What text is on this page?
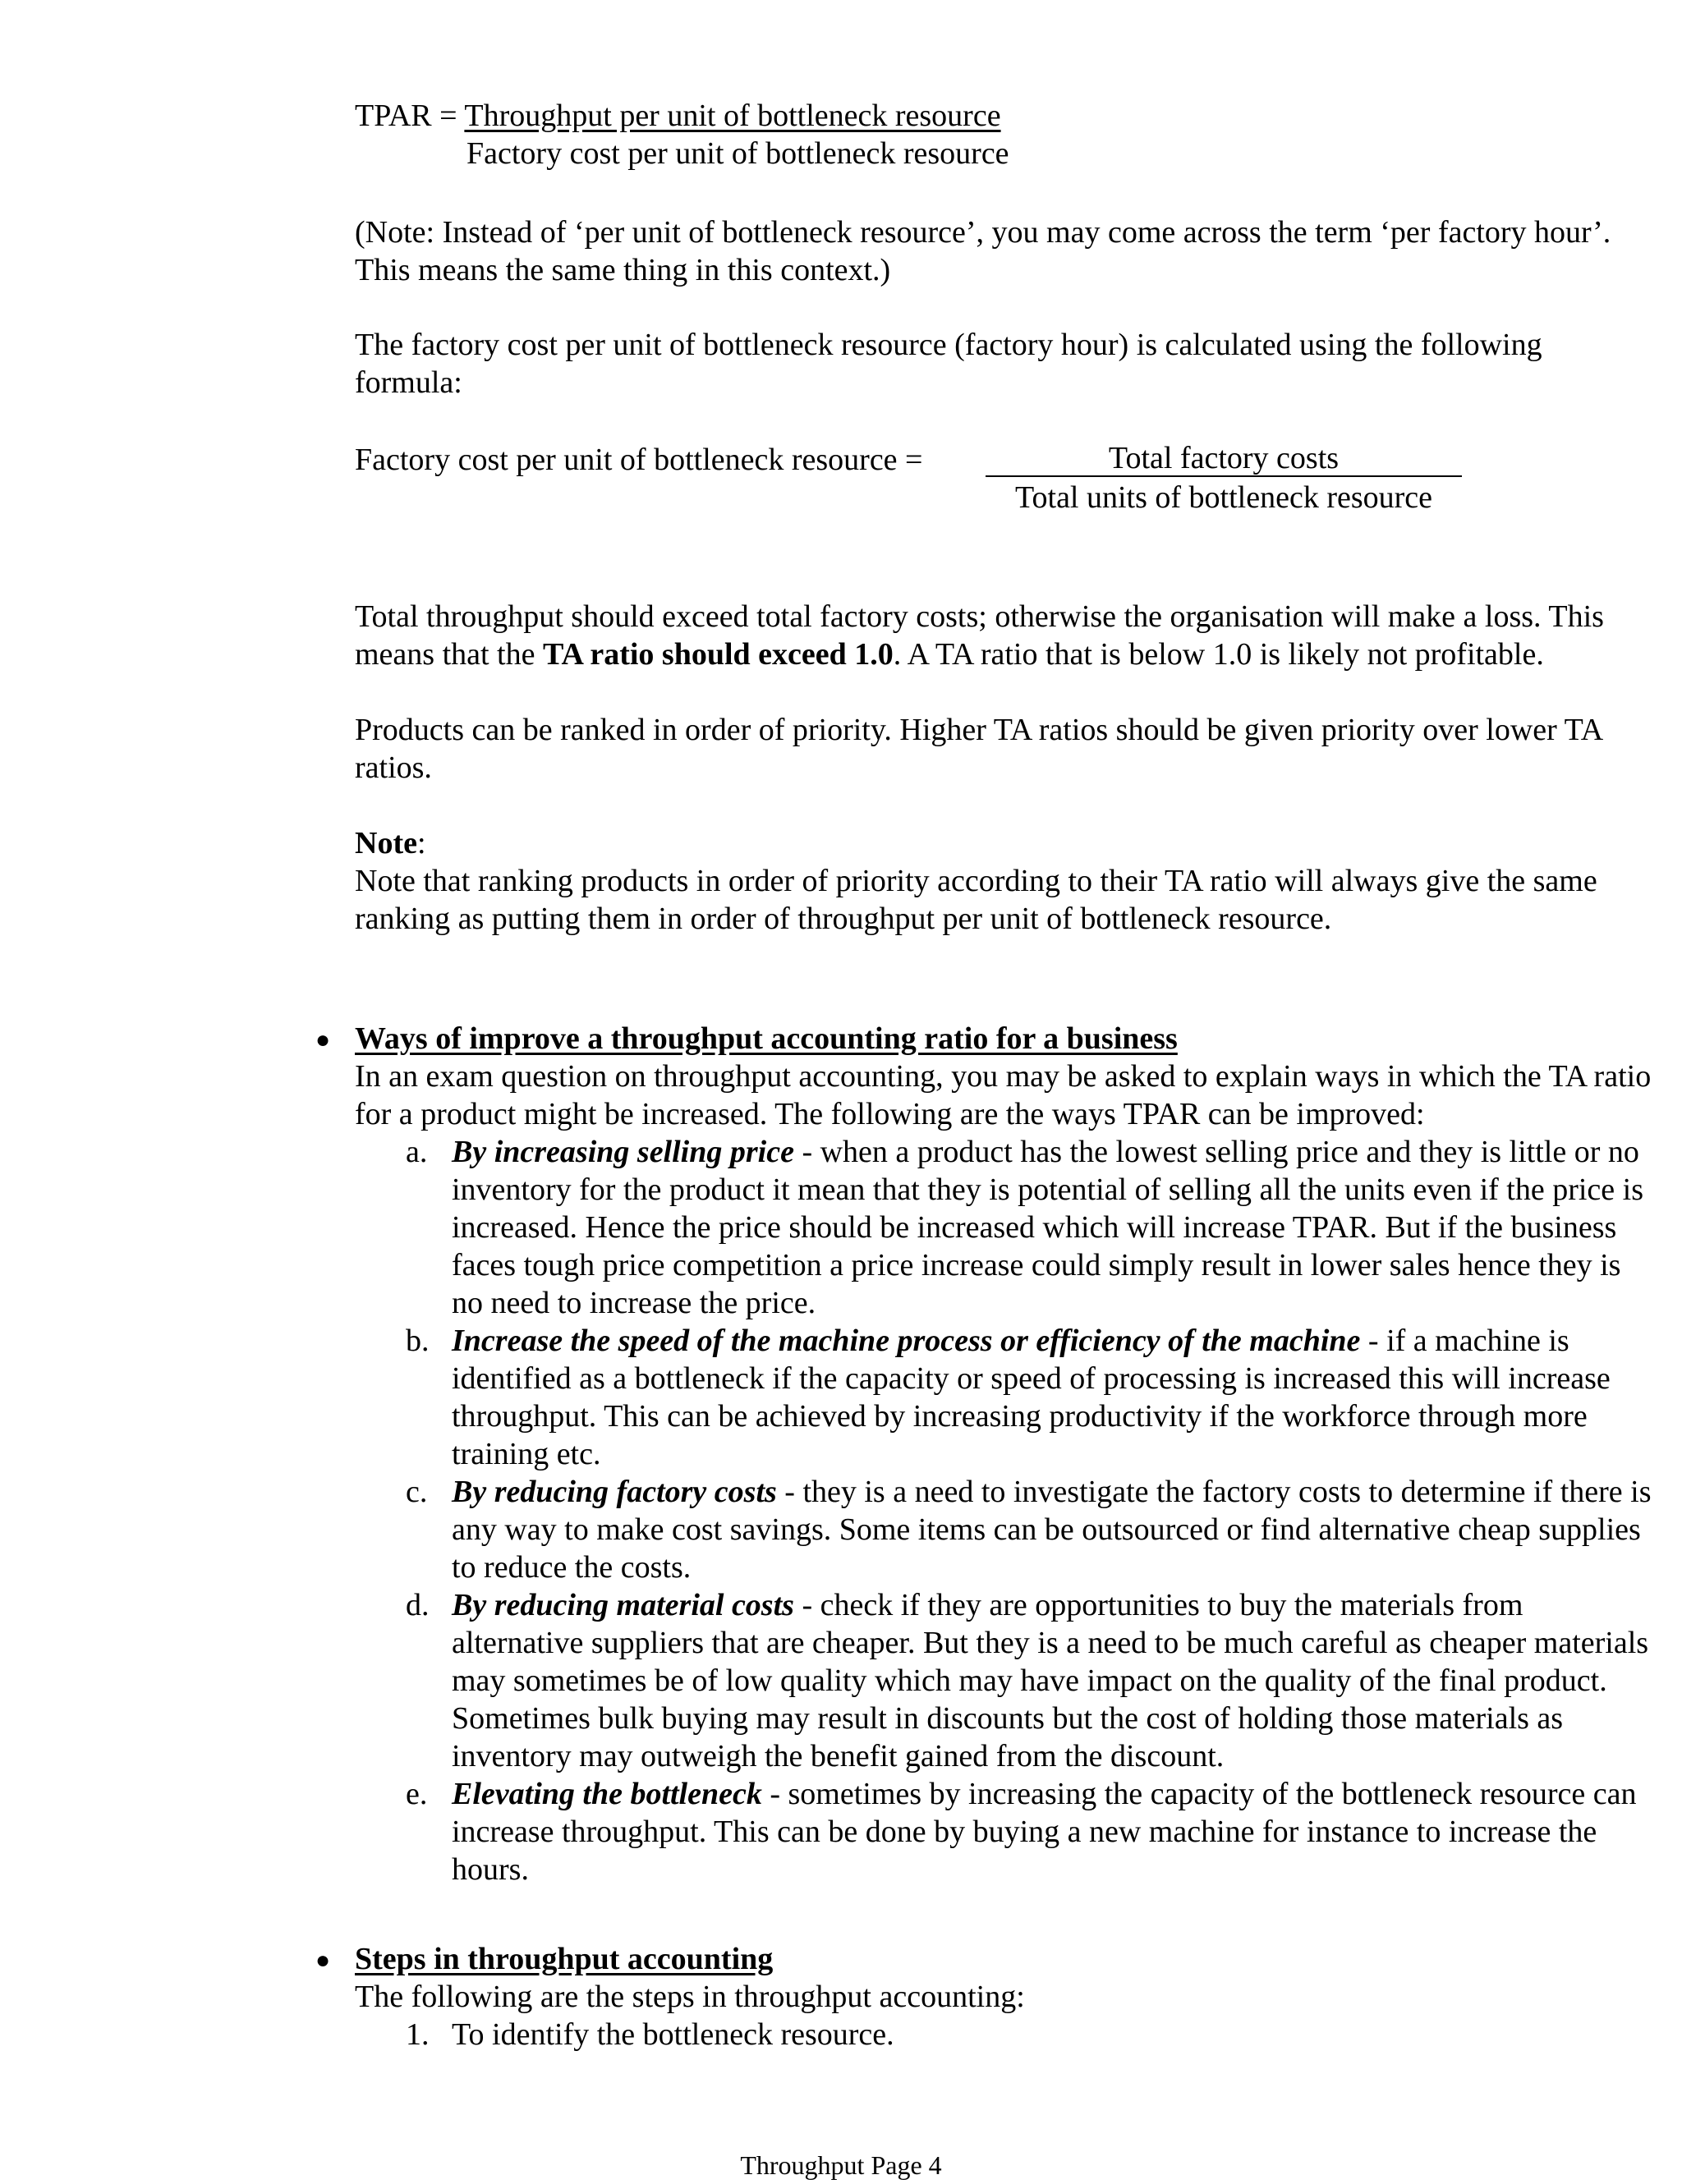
TPAR = Throughput per unit of bottleneck resource
Factory cost per unit of bottleneck resource

(Note: Instead of ‘per unit of bottleneck resource’, you may come across the term ‘per factory hour’. This means the same thing in this context.)

The factory cost per unit of bottleneck resource (factory hour) is calculated using the following formula:

Factory cost per unit of bottleneck resource =	Total factory costs
Total units of bottleneck resource

Total throughput should exceed total factory costs; otherwise the organisation will make a loss. This means that the TA ratio should exceed 1.0. A TA ratio that is below 1.0 is likely not profitable.

Products can be ranked in order of priority. Higher TA ratios should be given priority over lower TA ratios.

Note:

Note that ranking products in order of priority according to their TA ratio will always give the same ranking as putting them in order of throughput per unit of bottleneck resource.

● Ways of improve a throughput accounting ratio for a business

In an exam question on throughput accounting, you may be asked to explain ways in which the TA ratio for a product might be increased. The following are the ways TPAR can be improved:

a. By increasing selling price - when a product has the lowest selling price and they is little or no inventory for the product it mean that they is potential of selling all the units even if the price is increased. Hence the price should be increased which will increase TPAR. But if the business faces tough price competition a price increase could simply result in lower sales hence they is no need to increase the price.

b. Increase the speed of the machine process or efficiency of the machine - if a machine is identified as a bottleneck if the capacity or speed of processing is increased this will increase throughput. This can be achieved by increasing productivity if the workforce through more training etc.

c. By reducing factory costs - they is a need to investigate the factory costs to determine if there is any way to make cost savings. Some items can be outsourced or find alternative cheap supplies to reduce the costs.

d. By reducing material costs - check if they are opportunities to buy the materials from alternative suppliers that are cheaper. But they is a need to be much careful as cheaper materials may sometimes be of low quality which may have impact on the quality of the final product. Sometimes bulk buying may result in discounts but the cost of holding those materials as inventory may outweigh the benefit gained from the discount.

e. Elevating the bottleneck - sometimes by increasing the capacity of the bottleneck resource can increase throughput. This can be done by buying a new machine for instance to increase the hours.

● Steps in throughput accounting

The following are the steps in throughput accounting:

1. To identify the bottleneck resource.

Throughput Page 4
